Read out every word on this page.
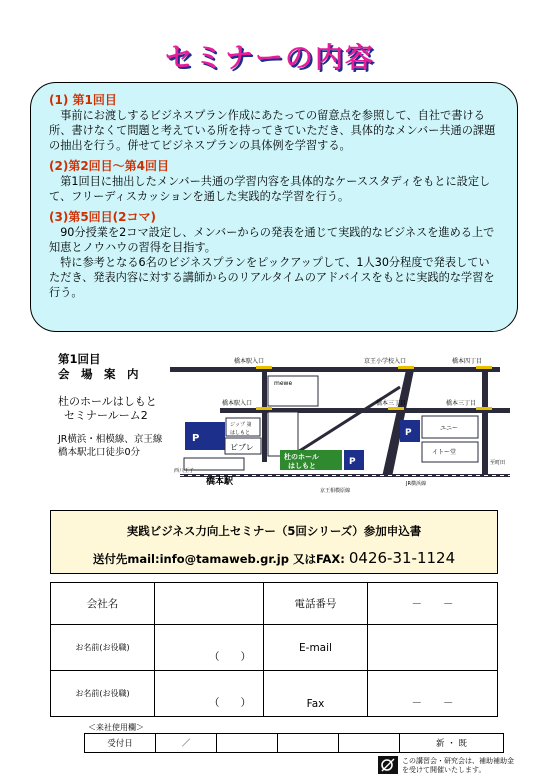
セミナーの内容
(1) 第1回目

　事前にお渡しするビジネスプラン作成にあたっての留意点を参照して、自社で書ける所、書けなくて問題と考えている所を持ってきていただき、具体的なメンバー共通の課題の抽出を行う。併せてビジネスプランの具体例を学習する。

(2)第2回目～第4回目

　第1回目に抽出したメンバー共通の学習内容を具体的なケーススタディをもとに設定して、フリーディスカッションを通した実践的な学習を行う。

(3)第5回目(2コマ)

　90分授業を2コマ設定し、メンバーからの発表を通じて実践的なビジネスを進める上で知恵とノウハウの習得を目指す。
　特に参考となる6名のビジネスプランをピックアップして、1人30分程度で発表していただき、発表内容に対する講師からのリアルタイムのアドバイスをもとに実践的な学習を行う。

第1回目
会　場　案　内
杜のホールはしもと
セミナールーム2
JR横浜・相模線、京王線
橋本駅北口徒歩0分
P
ビブレ
ジップ 第
はしもと
mewe
杜のホール
はしもと	P
P	ユニー
イトー堂
橋本駅入口	京王小学校入口	橋本四丁目
橋本駅入口	橋本三丁目	橋本三丁目
橋本駅
西八王子
京王相模原線
JR横浜線
至町田
実践ビジネス力向上セミナー（5回シリーズ）参加申込書
送付先mail:info@tamaweb.gr.jp 又はFAX: 0426-31-1124
会社名		電話番号	－　　－
お名前(お役職)	（　　）	E-mail	
お名前(お役職)	（　　）	Fax	－　　－
＜来社使用欄＞
受付日	／				新 ・ 既
この講習会・研究会は、補助補助金
を受けて開催いたします。
